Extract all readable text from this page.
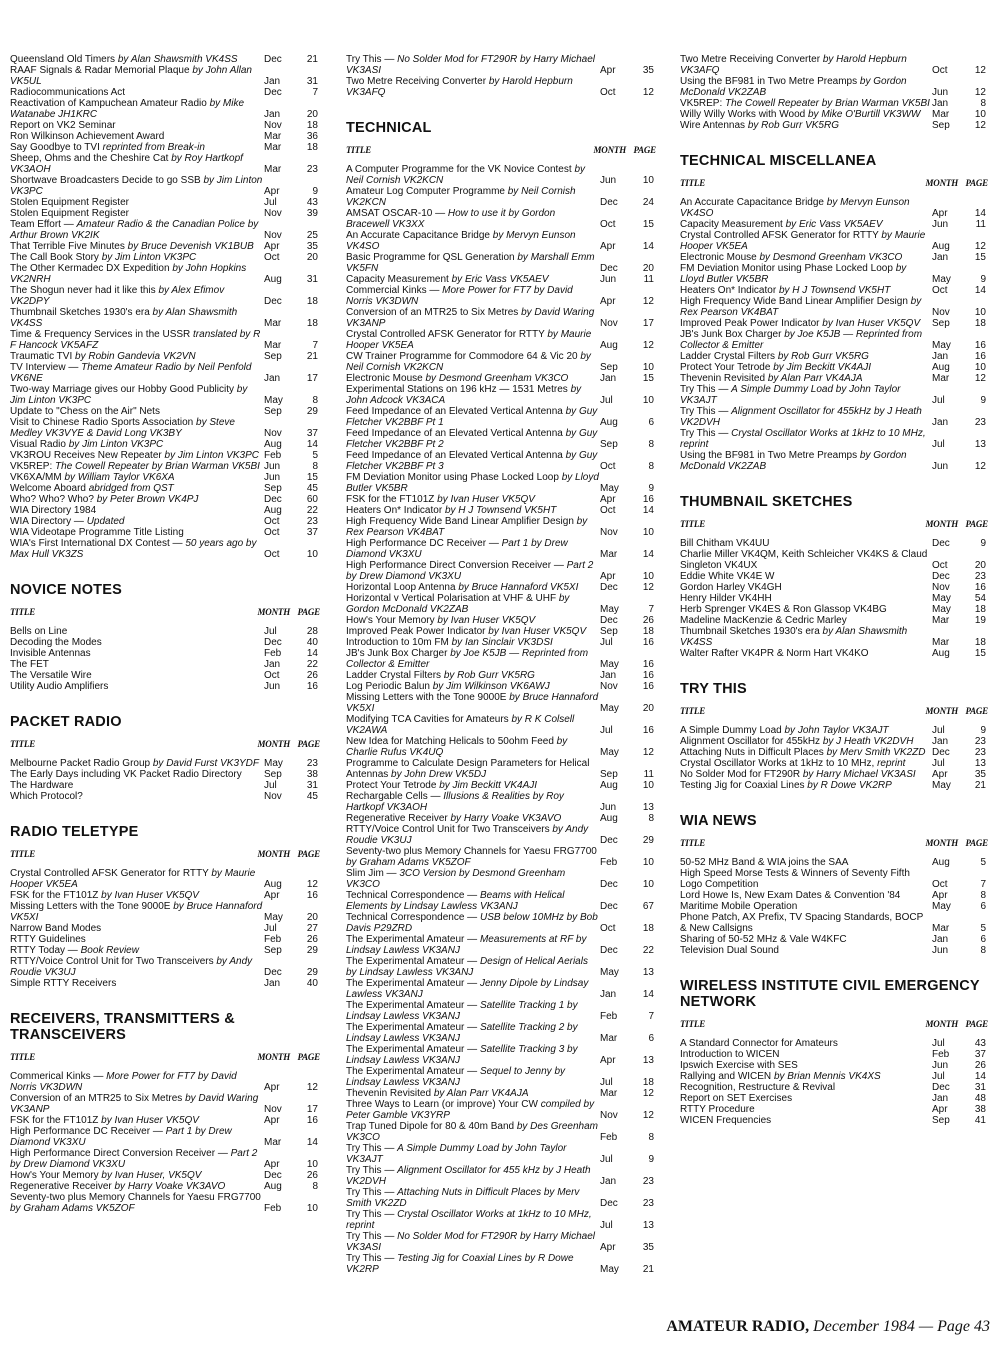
Queensland Old Timers by Alan Shawsmith VK4SS	Dec	21
RAAF Signals & Radar Memorial Plaque by John Allan VK5UL	Jan	31
Radiocommunications Act	Dec	7
Reactivation of Kampuchean Amateur Radio by Mike Watanabe JH1KRC	Jan	20
Report on VK2 Seminar	Nov	18
Ron Wilkinson Achievement Award	Mar	36
Say Goodbye to TVI reprinted from Break-in	Mar	18
Sheep, Ohms and the Cheshire Cat by Roy Hartkopf VK3AOH	Mar	23
Shortwave Broadcasters Decide to go SSB by Jim Linton VK3PC	Apr	9
Stolen Equipment Register	Jul	43
Stolen Equipment Register	Nov	39
Team Effort — Amateur Radio & the Canadian Police by Arthur Brown VK2IK	Nov	25
That Terrible Five Minutes by Bruce Devenish VK1BUB	Apr	35
The Call Book Story by Jim Linton VK3PC	Oct	20
The Other Kermadec DX Expedition by John Hopkins VK2NRH	Aug	31
The Shogun never had it like this by Alex Efimov VK2DPY	Dec	18
Thumbnail Sketches 1930's era by Alan Shawsmith VK4SS	Mar	18
Time & Frequency Services in the USSR translated by R F Hancock VK5AFZ	Mar	7
Traumatic TVI by Robin Gandevia VK2VN	Sep	21
TV Interview — Theme Amateur Radio by Neil Penfold VK6NE	Jan	17
Two-way Marriage gives our Hobby Good Publicity by Jim Linton VK3PC	May	8
Update to "Chess on the Air" Nets	Sep	29
Visit to Chinese Radio Sports Association by Steve Medley VK3VYE & David Long VK3BY	Nov	37
Visual Radio by Jim Linton VK3PC	Aug	14
VK3ROU Receives New Repeater by Jim Linton VK3PC Feb	5
VK5REP: The Cowell Repeater by Brian Warman VK5BI Jun	8
VK6XA/MM by William Taylor VK6XA	Jun	15
Welcome Aboard abridged from QST	Sep	45
Who? Who? Who? by Peter Brown VK4PJ	Dec	60
WIA Directory 1984	Aug	22
WIA Directory — Updated	Oct	23
WIA Videotape Programme Title Listing	Oct	37
WIA's First International DX Contest — 50 years ago by Max Hull VK3ZS	Oct	10
NOVICE NOTES
TITLE	MONTH PAGE
Bells on Line	Jul	28
Decoding the Modes	Dec	40
Invisible Antennas	Feb	14
The FET	Jan	22
The Versatile Wire	Oct	26
Utility Audio Amplifiers	Jun	16
PACKET RADIO
TITLE	MONTH PAGE
Melbourne Packet Radio Group by David Furst VK3YDF May	23
The Early Days including VK Packet Radio Directory	Sep	38
The Hardware	Jul	31
Which Protocol?	Nov	45
RADIO TELETYPE
TITLE	MONTH PAGE
Crystal Controlled AFSK Generator for RTTY by Maurie Hooper VK5EA	Aug	12
FSK for the FT101Z by Ivan Huser VK5QV	Apr	16
Missing Letters with the Tone 9000E by Bruce Hannaford VK5XI	May	20
Narrow Band Modes	Jul	27
RTTY Guidelines	Feb	26
RTTY Today — Book Review	Sep	29
RTTY/Voice Control Unit for Two Transceivers by Andy Roudie VK3UJ	Dec	29
Simple RTTY Receivers	Jan	40
RECEIVERS, TRANSMITTERS & TRANSCEIVERS
TITLE	MONTH PAGE
Commerical Kinks — More Power for FT7 by David Norris VK3DWN	Apr	12
Conversion of an MTR25 to Six Metres by David Waring VK3ANP	Nov	17
FSK for the FT101Z by Ivan Huser VK5QV	Apr	16
High Performance DC Receiver — Part 1 by Drew Diamond VK3XU	Mar	14
High Performance Direct Conversion Receiver — Part 2 by Drew Diamond VK3XU	Apr	10
How's Your Memory by Ivan Huser, VK5QV	Dec	26
Regenerative Receiver by Harry Voake VK3AVO	Aug	8
Seventy-two plus Memory Channels for Yaesu FRG7700 by Graham Adams VK5ZOF	Feb	10
Try This — No Solder Mod for FT290R by Harry Michael VK3ASI	Apr	35
Two Metre Receiving Converter by Harold Hepburn VK3AFQ	Oct	12
TECHNICAL
TITLE	MONTH PAGE
A Computer Programme for the VK Novice Contest by Neil Cornish VK2KCN	Jun	10
Amateur Log Computer Programme by Neil Cornish VK2KCN	Dec	24
AMSAT OSCAR-10 — How to use it by Gordon Bracewell VK3XX	Oct	15
An Accurate Capacitance Bridge by Mervyn Eunson VK4SO	Apr	14
Basic Programme for QSL Generation by Marshall Emm VK5FN	Dec	20
Capacity Measurement by Eric Vass VK5AEV	Jun	11
Commercial Kinks — More Power for FT7 by David Norris VK3DWN	Apr	12
Conversion of an MTR25 to Six Metres by David Waring VK3ANP	Nov	17
Crystal Controlled AFSK Generator for RTTY by Maurie Hooper VK5EA	Aug	12
CW Trainer Programme for Commodore 64 & Vic 20 by Neil Cornish VK2KCN	Sep	10
Electronic Mouse by Desmond Greenham VK3CO	Jan	15
Experimental Stations on 196 kHz — 1531 Metres by John Adcock VK3ACA	Jul	10
Feed Impedance of an Elevated Vertical Antenna by Guy Fletcher VK2BBF Pt 1	Aug	6
Feed Impedance of an Elevated Vertical Antenna by Guy Fletcher VK2BBF Pt 2	Sep	8
Feed Impedance of an Elevated Vertical Antenna by Guy Fletcher VK2BBF Pt 3	Oct	8
FM Deviation Monitor using Phase Locked Loop by Lloyd Butler VK5BR	May	9
FSK for the FT101Z by Ivan Huser VK5QV	Apr	16
Heaters On* Indicator by H J Townsend VK5HT	Oct	14
High Frequency Wide Band Linear Amplifier Design by Rex Pearson VK4BAT	Nov	10
High Performance DC Receiver — Part 1 by Drew Diamond VK3XU	Mar	14
High Performance Direct Conversion Receiver — Part 2 by Drew Diamond VK3XU	Apr	10
Horizontal Loop Antenna by Bruce Hannaford VK5XI	Dec	12
Horizontal v Vertical Polarisation at VHF & UHF by Gordon McDonald VK2ZAB	May	7
How's Your Memory by Ivan Huser VK5QV	Dec	26
Improved Peak Power Indicator by Ivan Huser VK5QV	Sep	18
Introduction to 10m FM by Ian Sinclair VK3DSI	Jul	16
JB's Junk Box Charger by Joe K5JB — Reprinted from Collector & Emitter	May	16
Ladder Crystal Filters by Rob Gurr VK5RG	Jan	16
Log Periodic Balun by Jim Wilkinson VK6AWJ	Nov	16
Missing Letters with the Tone 9000E by Bruce Hannaford VK5XI	May	20
Modifying TCA Cavities for Amateurs by R K Colsell VK2AWA	Jul	16
New Idea for Matching Helicals to 50ohm Feed by Charlie Rufus VK4UQ	May	12
Programme to Calculate Design Parameters for Helical Antennas by John Drew VK5DJ	Sep	11
Protect Your Tetrode by Jim Beckitt VK4AJI	Aug	10
Rechargable Cells — Illusions & Realities by Roy Hartkopf VK3AOH	Jun	13
Regenerative Receiver by Harry Voake VK3AVO	Aug	8
RTTY/Voice Control Unit for Two Transceivers by Andy Roudie VK3UJ	Dec	29
Seventy-two plus Memory Channels for Yaesu FRG7700 by Graham Adams VK5ZOF	Feb	10
Slim Jim — 3CO Version by Desmond Greenham VK3CO	Dec	10
Technical Correspondence — Beams with Helical Elements by Lindsay Lawless VK3ANJ	Dec	67
Technical Correspondence — USB below 10MHz by Bob Davis P29ZRD	Oct	18
The Experimental Amateur — Measurements at RF by Lindsay Lawless VK3ANJ	Dec	22
The Experimental Amateur — Design of Helical Aerials by Lindsay Lawless VK3ANJ	May	13
The Experimental Amateur — Jenny Dipole by Lindsay Lawless VK3ANJ	Jan	14
The Experimental Amateur — Satellite Tracking 1 by Lindsay Lawless VK3ANJ	Feb	7
The Experimental Amateur — Satellite Tracking 2 by Lindsay Lawless VK3ANJ	Mar	6
The Experimental Amateur — Satellite Tracking 3 by Lindsay Lawless VK3ANJ	Apr	13
The Experimental Amateur — Sequel to Jenny by Lindsay Lawless VK3ANJ	Jul	18
Thevenin Revisited by Alan Parr VK4AJA	Mar	12
Three Ways to Learn (or improve) Your CW compiled by Peter Gamble VK3YRP	Nov	12
Trap Tuned Dipole for 80 & 40m Band by Des Greenham VK3CO	Feb	8
Try This — A Simple Dummy Load by John Taylor VK3AJT	Jul	9
Try This — Alignment Oscillator for 455 kHz by J Heath VK2DVH	Jan	23
Try This — Attaching Nuts in Difficult Places by Merv Smith VK2ZD	Dec	23
Try This — Crystal Oscillator Works at 1kHz to 10 MHz, reprint	Jul	13
Try This — No Solder Mod for FT290R by Harry Michael VK3ASI	Apr	35
Try This — Testing Jig for Coaxial Lines by R Dowe VK2RP	May	21
Two Metre Receiving Converter by Harold Hepburn VK3AFQ	Oct	12
Using the BF981 in Two Metre Preamps by Gordon McDonald VK2ZAB	Jun	12
VK5REP: The Cowell Repeater by Brian Warman VK5BI Jan	8
Willy Willy Works with Wood by Mike O'Burtill VK3WW	Mar	10
Wire Antennas by Rob Gurr VK5RG	Sep	12
TECHNICAL MISCELLANEA
TITLE	MONTH PAGE
An Accurate Capacitance Bridge by Mervyn Eunson VK4SO	Apr	14
Capacity Measurement by Eric Vass VK5AEV	Jun	11
Crystal Controlled AFSK Generator for RTTY by Maurie Hooper VK5EA	Aug	12
Electronic Mouse by Desmond Greenham VK3CO	Jan	15
FM Deviation Monitor using Phase Locked Loop by Lloyd Butler VK5BR	May	9
Heaters On* Indicator by H J Townsend VK5HT	Oct	14
High Frequency Wide Band Linear Amplifier Design by Rex Pearson VK4BAT	Nov	10
Improved Peak Power Indicator by Ivan Huser VK5QV	Sep	18
JB's Junk Box Charger by Joe K5JB — Reprinted from Collector & Emitter	May	16
Ladder Crystal Filters by Rob Gurr VK5RG	Jan	16
Protect Your Tetrode by Jim Beckitt VK4AJI	Aug	10
Thevenin Revisited by Alan Parr VK4AJA	Mar	12
Try This — A Simple Dummy Load by John Taylor VK3AJT	Jul	9
Try This — Alignment Oscillator for 455kHz by J Heath VK2DVH	Jan	23
Try This — Crystal Oscillator Works at 1kHz to 10 MHz, reprint	Jul	13
Using the BF981 in Two Metre Preamps by Gordon McDonald VK2ZAB	Jun	12
THUMBNAIL SKETCHES
TITLE	MONTH PAGE
Bill Chitham VK4UU	Dec	9
Charlie Miller VK4QM, Keith Schleicher VK4KS & Claud Singleton VK4UX	Oct	20
Eddie White VK4E W	Dec	23
Gordon Harley VK4GH	Nov	16
Henry Hilder VK4HH	May	54
Herb Sprenger VK4ES & Ron Glassop VK4BG	May	18
Madeline MacKenzie & Cedric Marley	Mar	19
Thumbnail Sketches 1930's era by Alan Shawsmith VK4SS	Mar	18
Walter Rafter VK4PR & Norm Hart VK4KO	Aug	15
TRY THIS
TITLE	MONTH PAGE
A Simple Dummy Load by John Taylor VK3AJT	Jul	9
Alignment Oscillator for 455kHz by J Heath VK2DVH	Jan	23
Attaching Nuts in Difficult Places by Merv Smith VK2ZD Dec	23
Crystal Oscillator Works at 1kHz to 10 MHz, reprint	Jul	13
No Solder Mod for FT290R by Harry Michael VK3ASI	Apr	35
Testing Jig for Coaxial Lines by R Dowe VK2RP	May	21
WIA NEWS
TITLE	MONTH PAGE
50-52 MHz Band & WIA joins the SAA	Aug	5
High Speed Morse Tests & Winners of Seventy Fifth Logo Competition	Oct	7
Lord Howe Is, New Exam Dates & Convention '84	Apr	8
Maritime Mobile Operation	May	6
Phone Patch, AX Prefix, TV Spacing Standards, BOCP & New Callsigns	Mar	5
Sharing of 50-52 MHz & Vale W4KFC	Jan	6
Television Dual Sound	Jun	8
WIRELESS INSTITUTE CIVIL EMERGENCY NETWORK
TITLE	MONTH PAGE
A Standard Connector for Amateurs	Jul	43
Introduction to WICEN	Feb	37
Ipswich Exercise with SES	Jun	26
Rallying and WICEN by Brian Mennis VK4XS	Jul	14
Recognition, Restructure & Revival	Dec	31
Report on SET Exercises	Jan	48
RTTY Procedure	Apr	38
WICEN Frequencies	Sep	41
AMATEUR RADIO, December 1984 — Page 43
